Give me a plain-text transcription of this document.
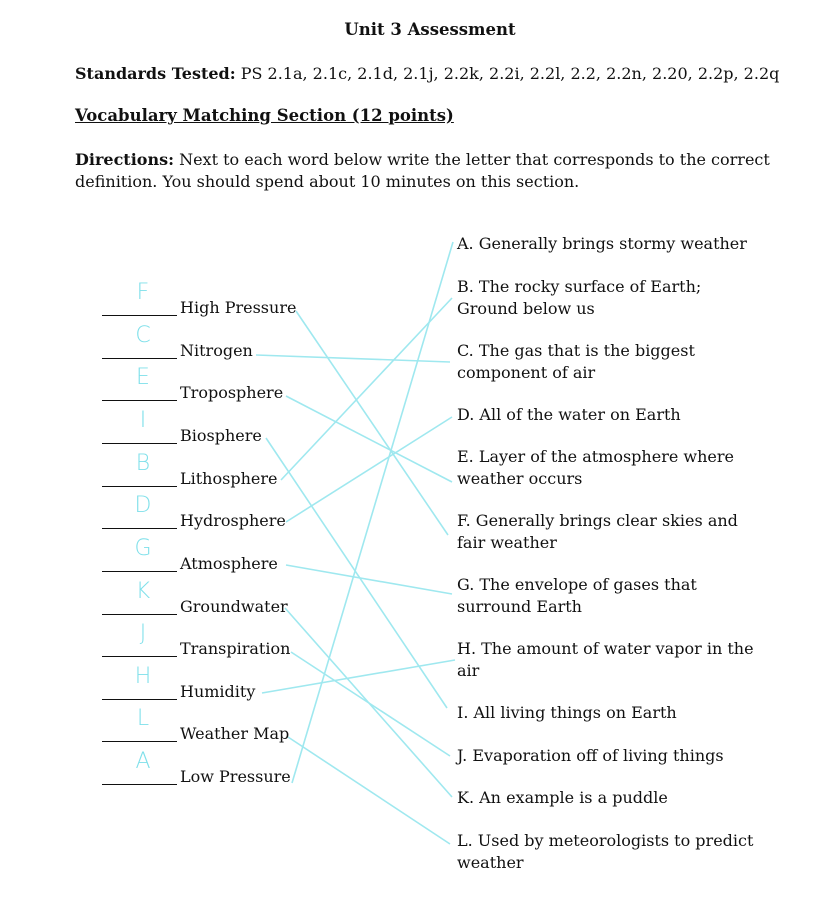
Unit 3 Assessment
Standards Tested: PS 2.1a, 2.1c, 2.1d, 2.1j, 2.2k, 2.2i, 2.2l, 2.2, 2.2n, 2.20, 2.2p, 2.2q
Vocabulary Matching Section (12 points)
Directions: Next to each word below write the letter that corresponds to the correct definition. You should spend about 10 minutes on this section.
F
High Pressure
C
Nitrogen
E
Troposphere
I
Biosphere
B
Lithosphere
D
Hydrosphere
G
Atmosphere
K
Groundwater
J
Transpiration
H
Humidity
L
Weather Map
A
Low Pressure
A. Generally brings stormy weather
B. The rocky surface of Earth; Ground below us
C. The gas that is the biggest component of air
D. All of the water on Earth
E. Layer of the atmosphere where weather occurs
F. Generally brings clear skies and fair weather
G. The envelope of gases that surround Earth
H. The amount of water vapor in the air
I. All living things on Earth
J. Evaporation off of living things
K. An example is a puddle
L. Used by meteorologists to predict weather
